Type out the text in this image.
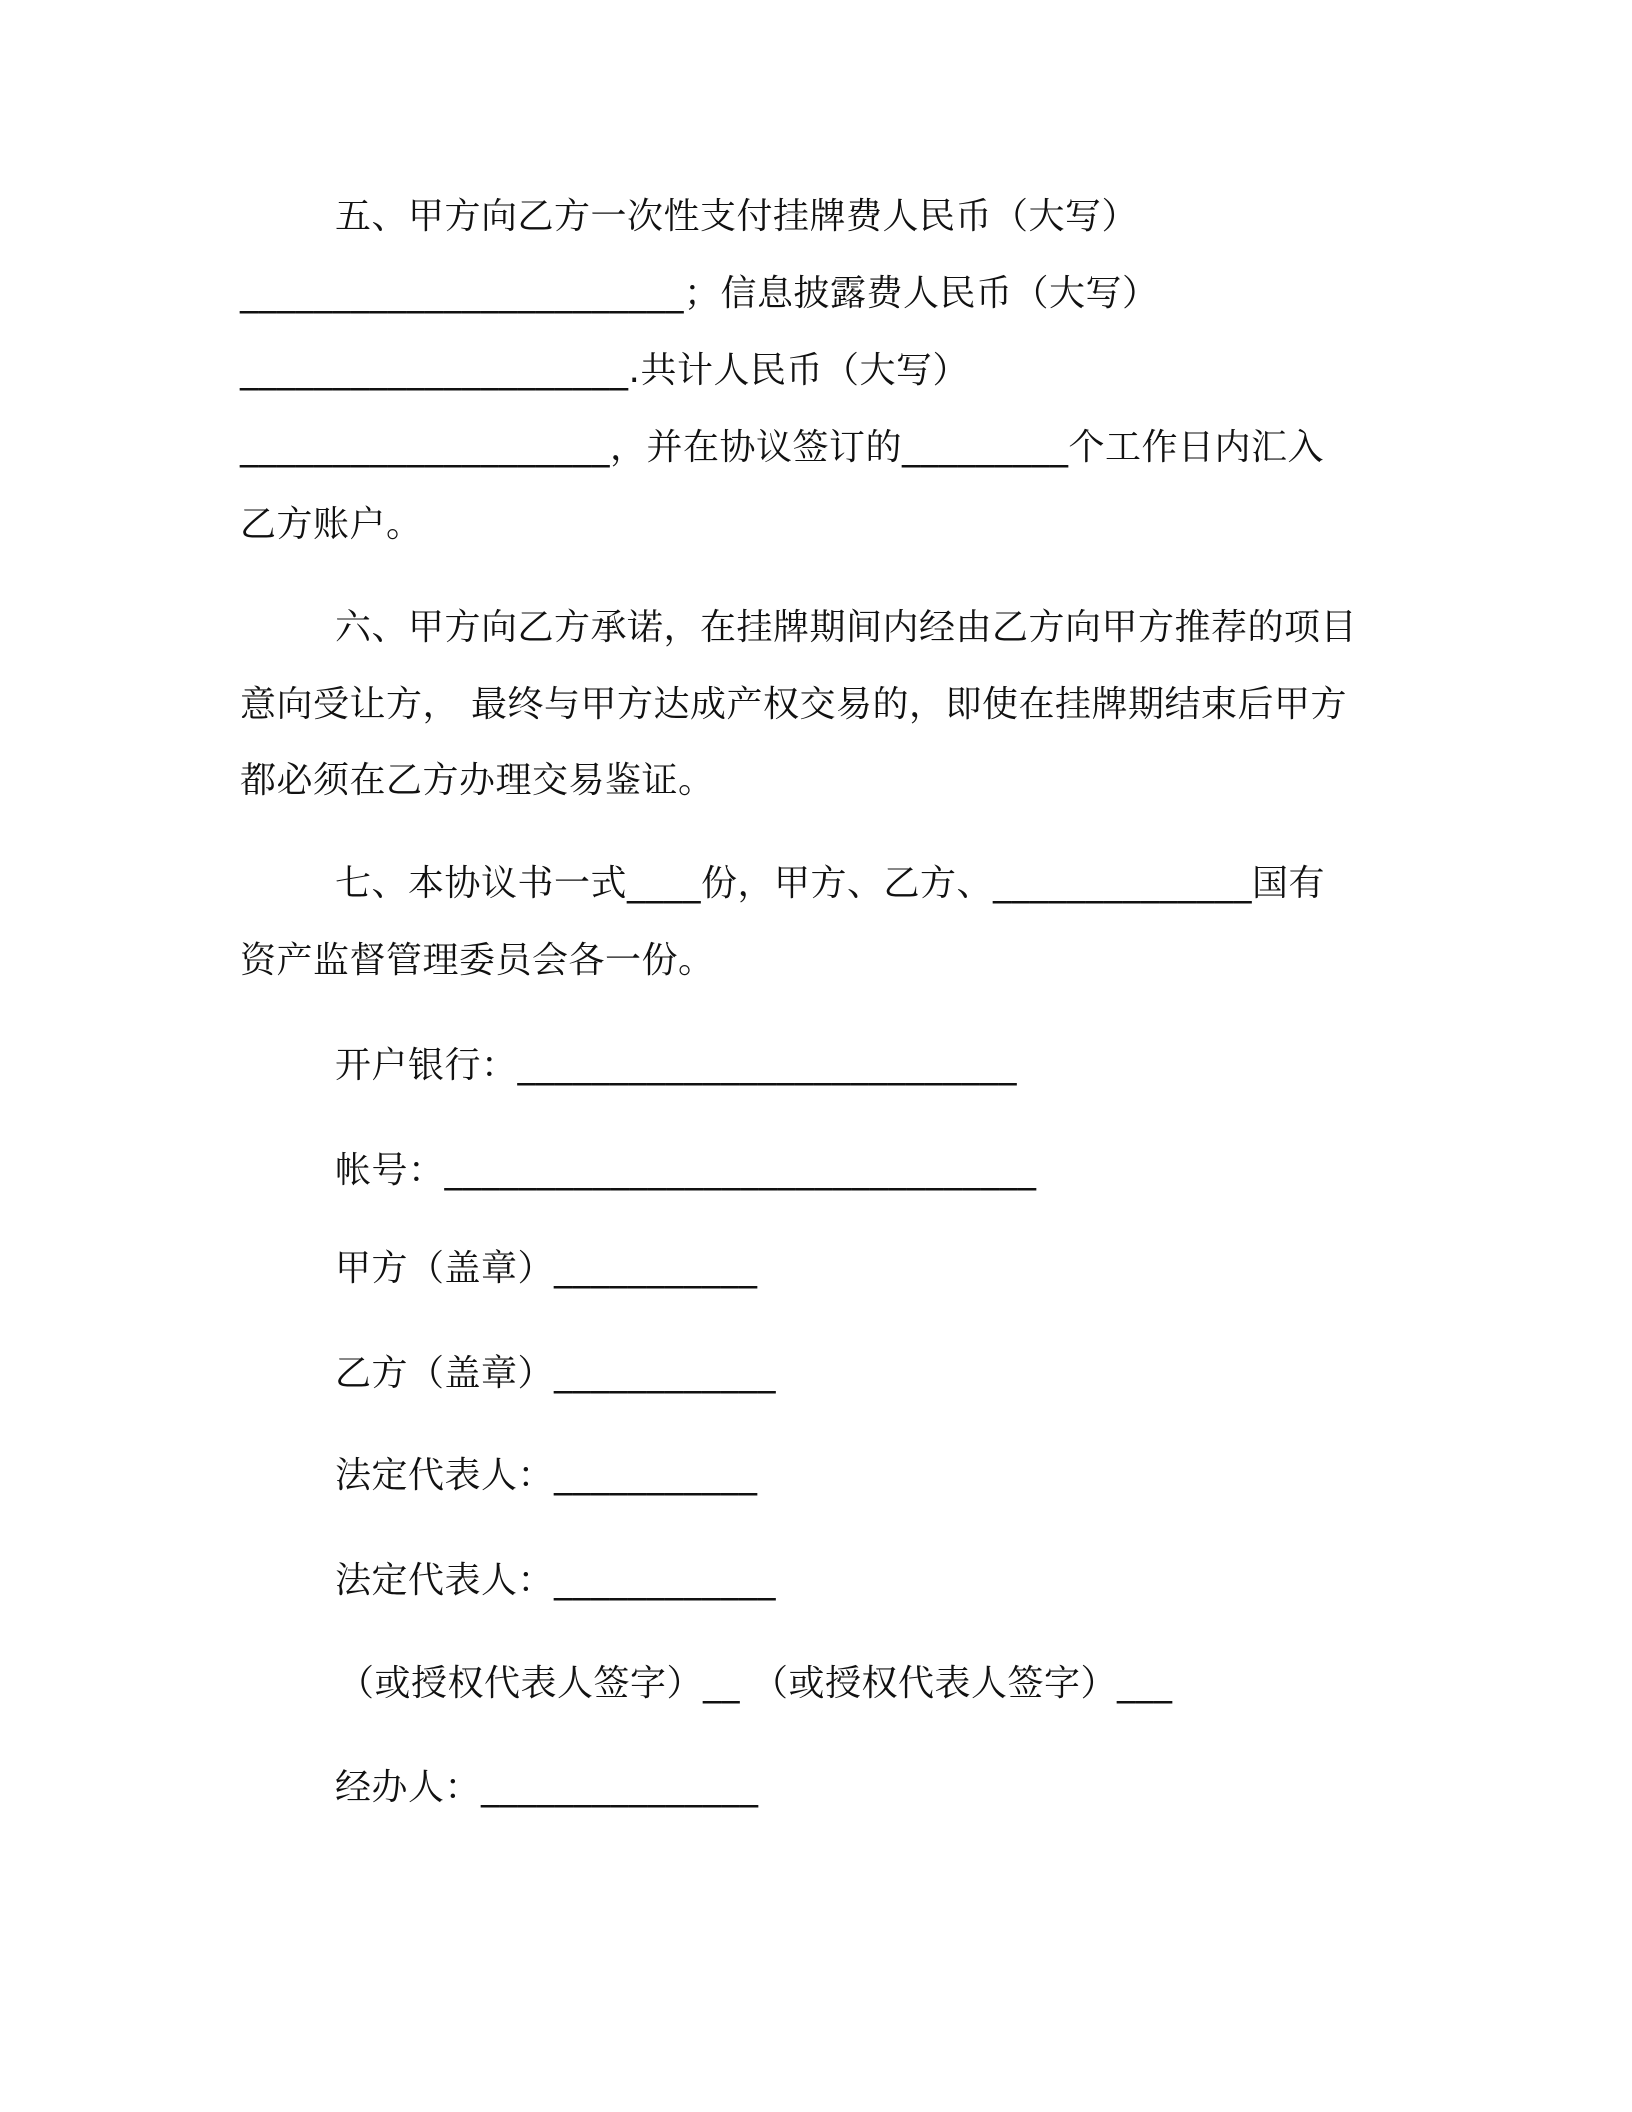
五、甲方向乙方一次性支付挂牌费人民币（大写）
________________________；信息披露费人民币（大写）
_____________________.共计人民币（大写）
____________________，并在协议签订的_________个工作日内汇入
乙方账户。
六、甲方向乙方承诺，在挂牌期间内经由乙方向甲方推荐的项目
意向受让方， 最终与甲方达成产权交易的，即使在挂牌期结束后甲方
都必须在乙方办理交易鉴证。
七、本协议书一式____份，甲方、乙方、______________国有
资产监督管理委员会各一份。
开户银行：___________________________
帐号：________________________________
甲方（盖章）___________
乙方（盖章）____________
法定代表人：___________
法定代表人：____________
（或授权代表人签字）__ （或授权代表人签字）___
经办人：_______________
